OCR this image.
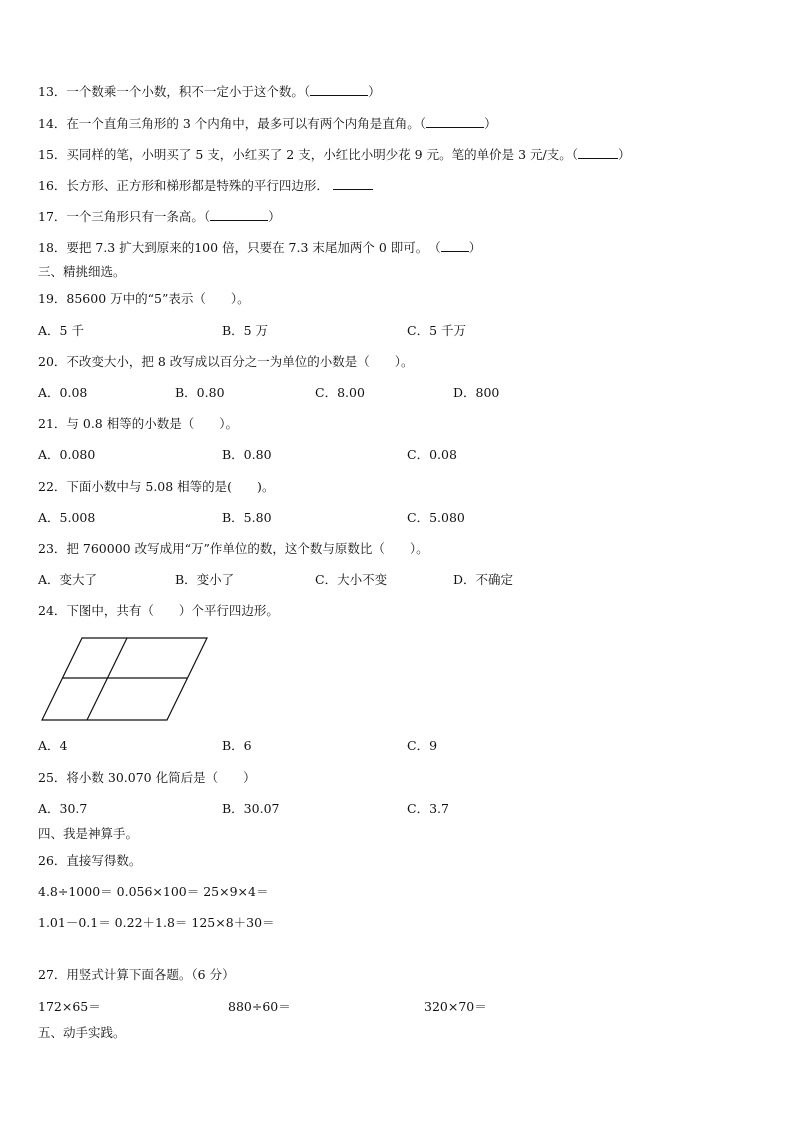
13．一个数乘一个小数，积不一定小于这个数。（	）
14．在一个直角三角形的 3 个内角中，最多可以有两个内角是直角。（	）
15．买同样的笔，小明买了 5 支，小红买了 2 支，小红比小明少花 9 元。笔的单价是 3 元/支。（	）
16．长方形、正方形和梯形都是特殊的平行四边形．
17．一个三角形只有一条高。（	）
18．要把 7.3 扩大到原来的100 倍，只要在 7.3 末尾加两个 0 即可。　（ ）
三、精挑细选。
19．85600 万中的“5”表示（　　）。
A．5 千	B．5 万	C．5 千万
20．不改变大小，把 8 改写成以百分之一为单位的小数是（　　）。
A．0.08	B．0.80	C．8.00	D．800
21．与 0.8 相等的小数是（　　）。
A．0.080	B．0.80	C．0.08
22．下面小数中与 5.08 相等的是(　　)。
A．5.008	B．5.80	C．5.080
23．把 760000 改写成用“万”作单位的数，这个数与原数比（　　）。
A．变大了	B．变小了	C．大小不变	D．不确定
24．下图中，共有（　　）个平行四边形。
A．4	B．6	C．9
25．将小数 30.070 化简后是（　　）
A．30.7	B．30.07	C．3.7
四、我是神算手。
26．直接写得数。
4.8÷1000＝ 0.056×100＝ 25×9×4＝
1.01－0.1＝ 0.22＋1.8＝ 125×8＋30＝
27．用竖式计算下面各题。（6 分）
172×65＝	880÷60＝	320×70＝
五、动手实践。
